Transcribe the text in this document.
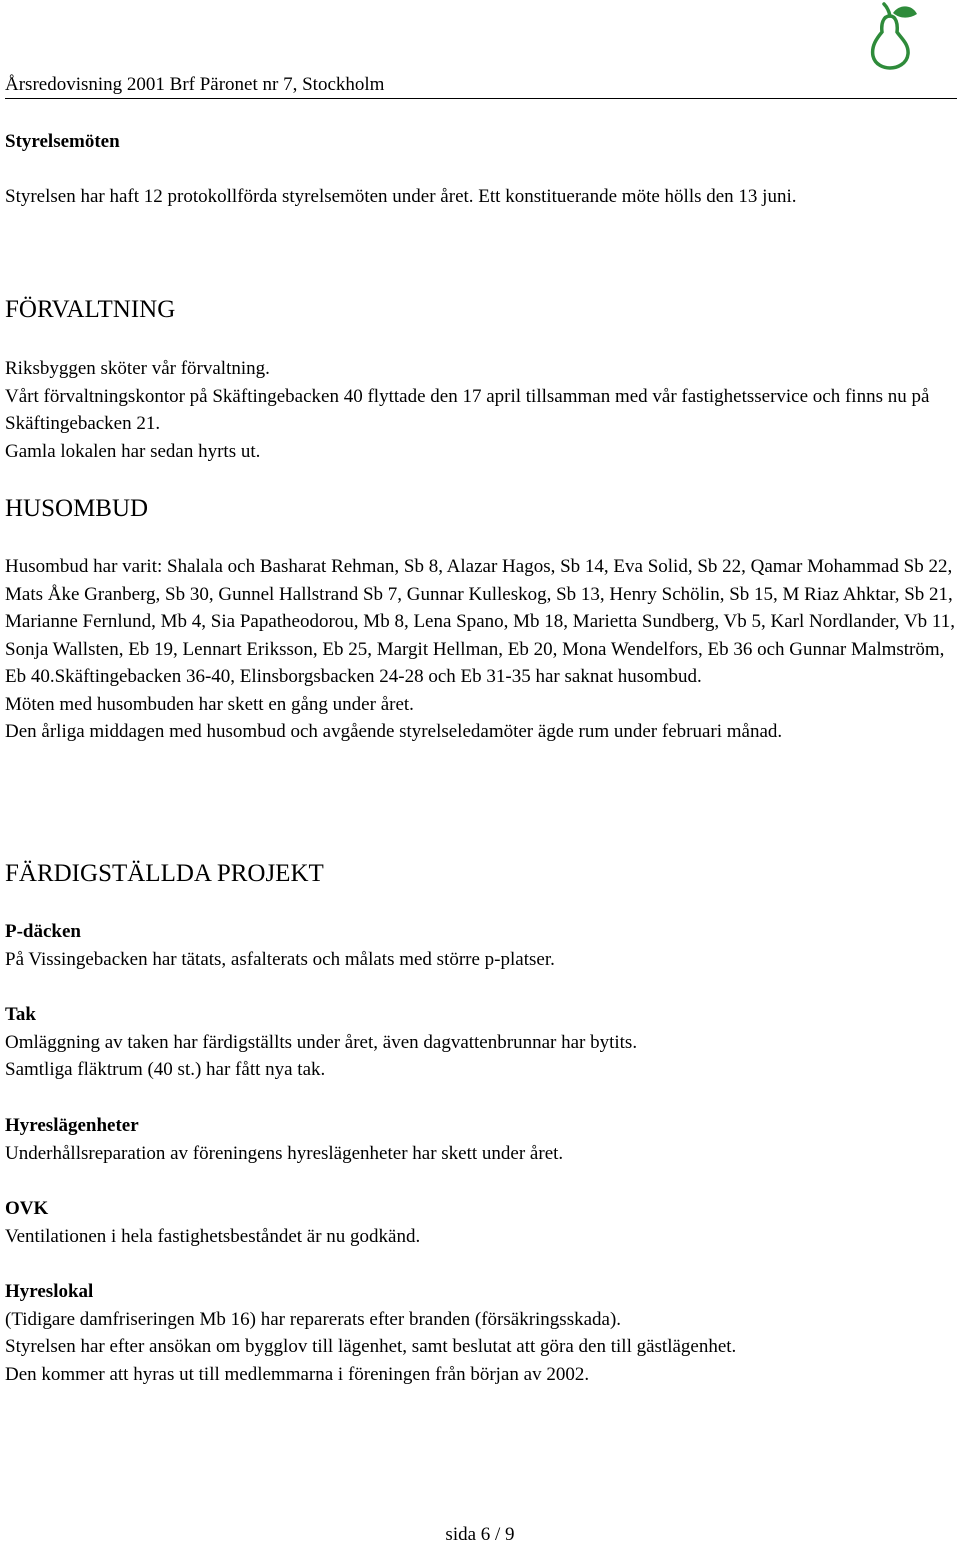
Årsredovisning 2001 Brf Päronet nr 7, Stockholm
Styrelsemöten
Styrelsen har haft 12 protokollförda styrelsemöten under året. Ett konstituerande möte hölls den 13 juni.
FÖRVALTNING

Riksbyggen sköter vår förvaltning.

Vårt förvaltningskontor på Skäftingebacken 40 flyttade den 17 april tillsamman med vår fastighetsservice och finns nu på Skäftingebacken 21.

Gamla lokalen har sedan hyrts ut.

HUSOMBUD

Husombud har varit: Shalala och Basharat Rehman, Sb 8, Alazar Hagos, Sb 14, Eva Solid, Sb 22, Qamar Mohammad Sb 22, Mats Åke Granberg, Sb 30, Gunnel Hallstrand Sb 7, Gunnar Kulleskog, Sb 13, Henry Schölin, Sb 15, M Riaz Ahktar, Sb 21, Marianne Fernlund, Mb 4, Sia Papatheodorou, Mb 8, Lena Spano, Mb 18, Marietta Sundberg, Vb 5, Karl Nordlander, Vb 11, Sonja Wallsten, Eb 19, Lennart Eriksson, Eb 25, Margit Hellman, Eb 20, Mona Wendelfors, Eb 36 och Gunnar Malmström, Eb 40.Skäftingebacken 36-40, Elinsborgsbacken 24-28 och Eb 31-35 har saknat husombud.

Möten med husombuden har skett en gång under året.

Den årliga middagen med husombud och avgående styrelseledamöter ägde rum under februari månad.

FÄRDIGSTÄLLDA PROJEKT

P-däcken

På Vissingebacken har tätats, asfalterats och målats med större p-platser.

Tak

Omläggning av taken har färdigställts under året, även dagvattenbrunnar har bytits.

Samtliga fläktrum (40 st.) har fått nya tak.

Hyreslägenheter

Underhållsreparation av föreningens hyreslägenheter har skett under året.

OVK

Ventilationen i hela fastighetsbeståndet är nu godkänd.

Hyreslokal

(Tidigare damfriseringen Mb 16) har reparerats efter branden (försäkringsskada).

Styrelsen har efter ansökan om bygglov till lägenhet, samt beslutat att göra den till gästlägenhet.

Den kommer att hyras ut till medlemmarna i föreningen från början av 2002.

sida 6 / 9
